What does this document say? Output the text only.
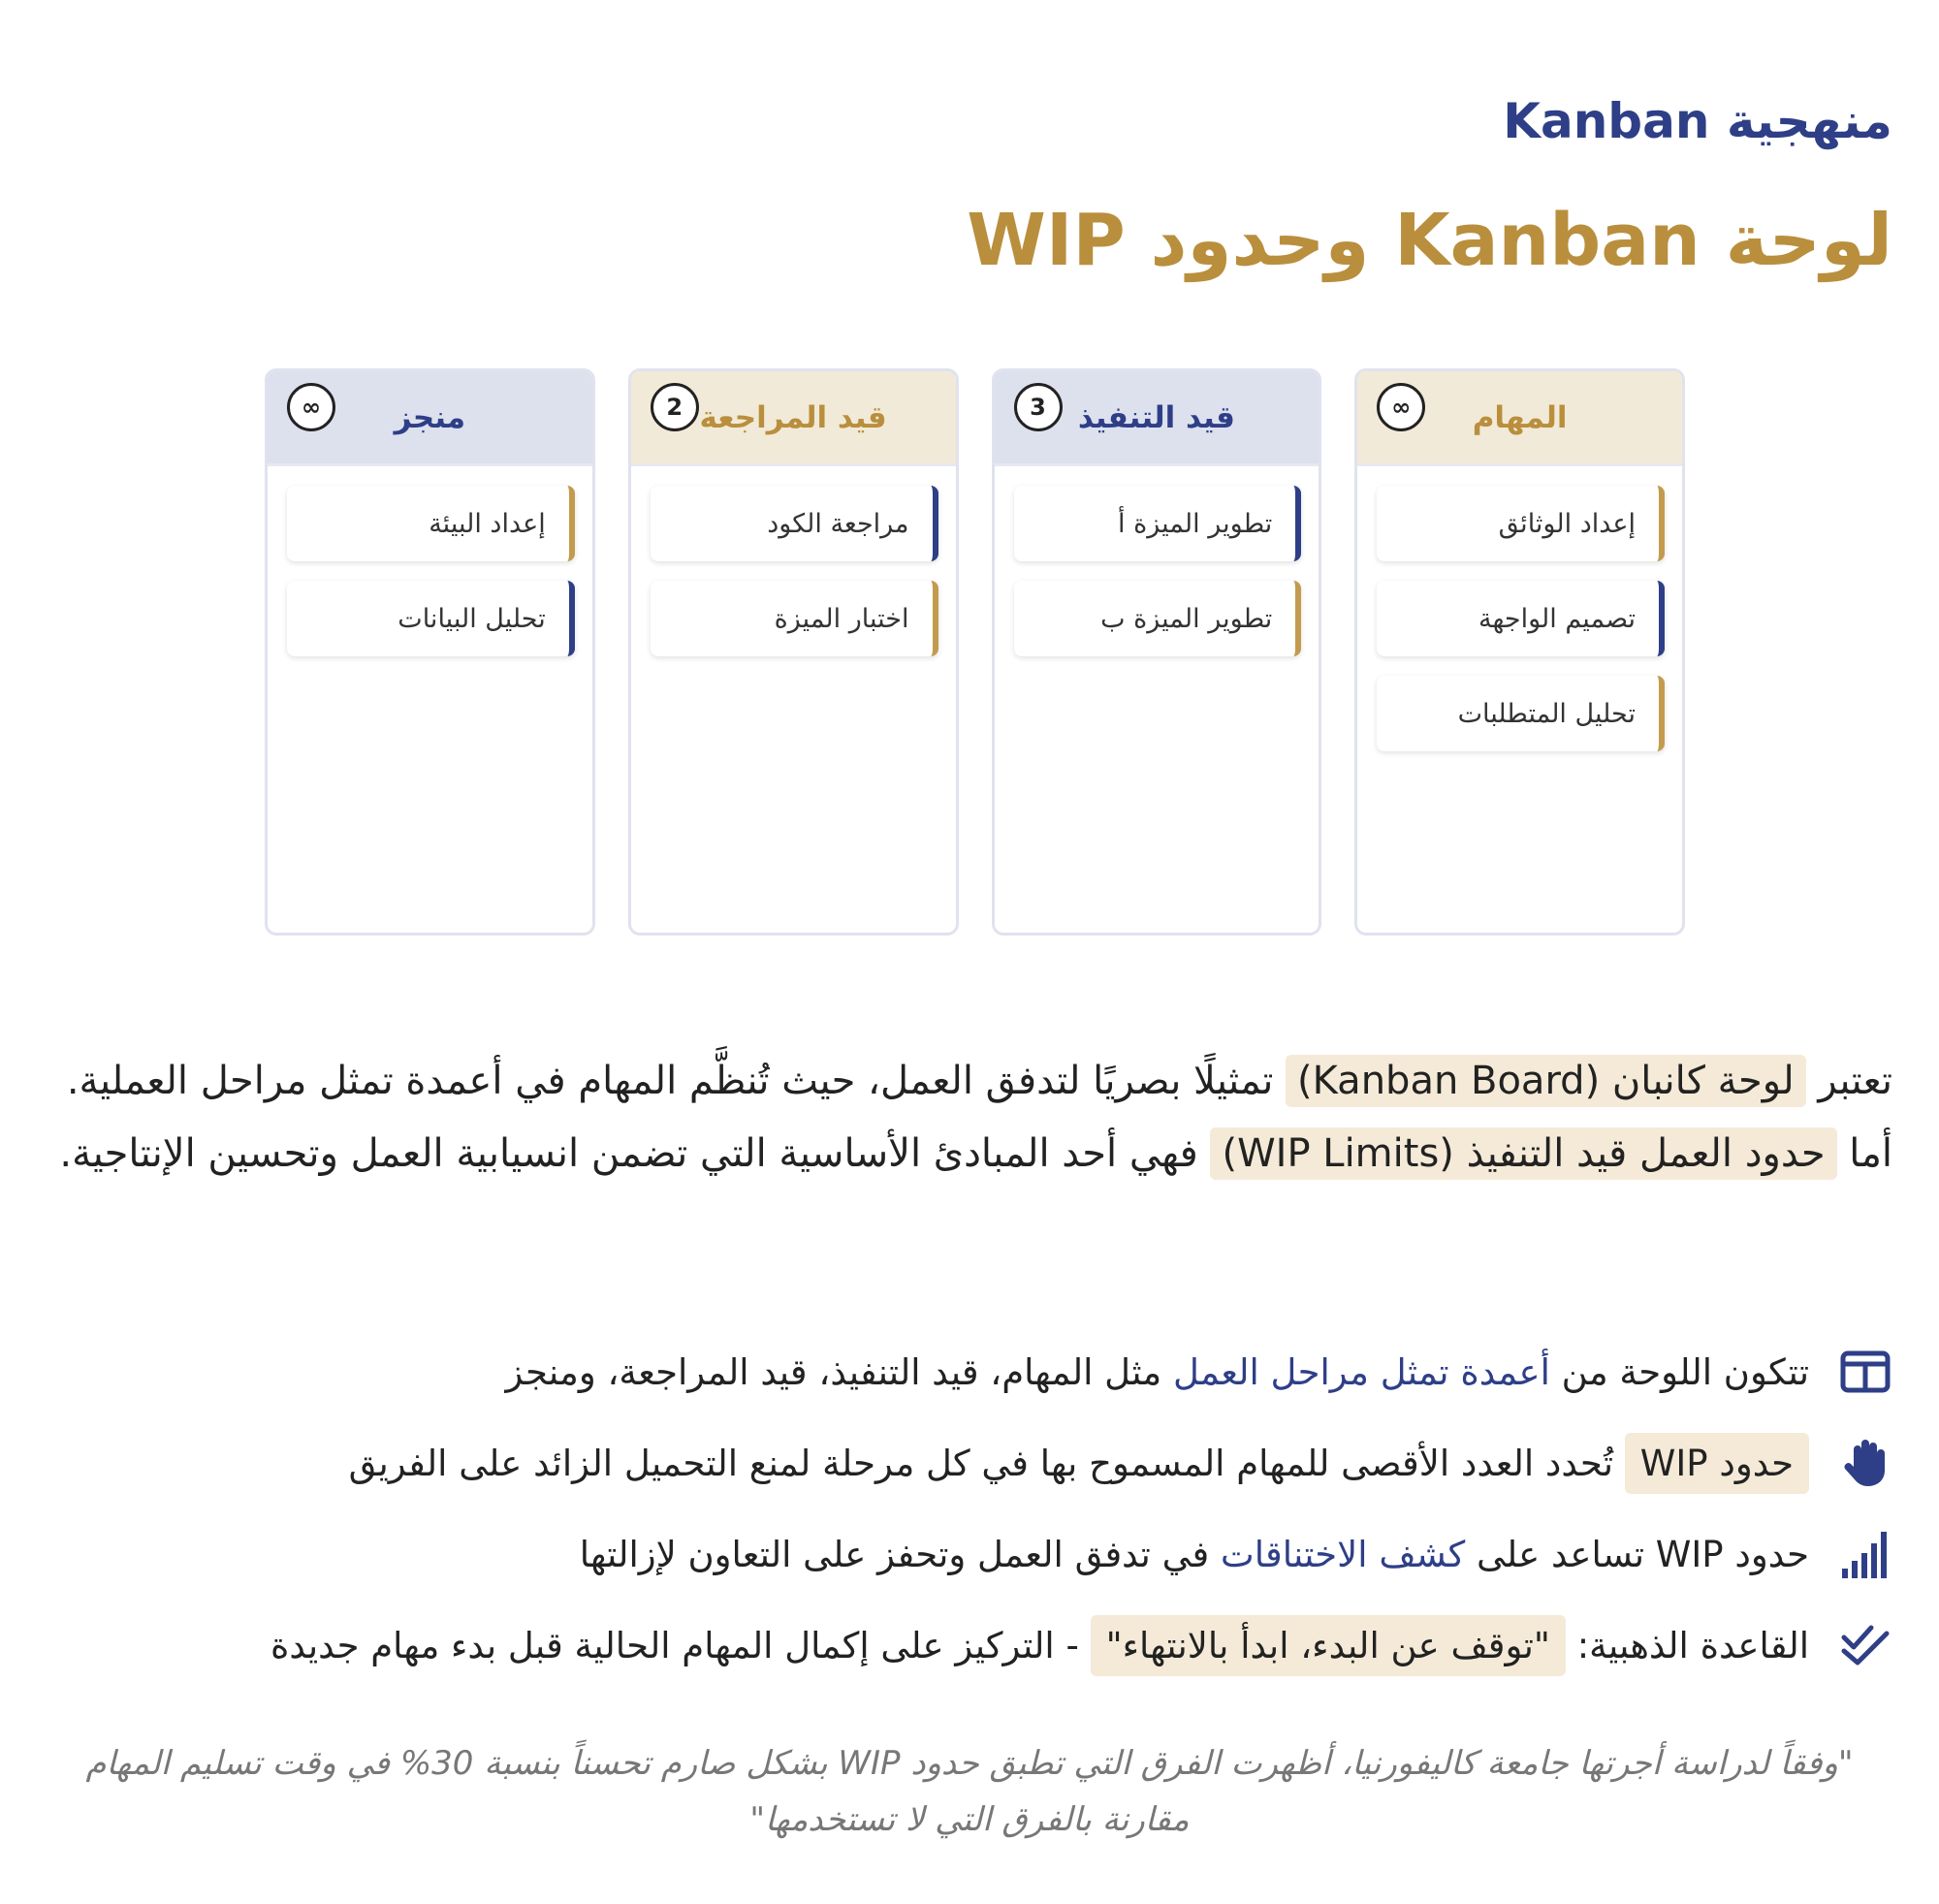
منهجية Kanban
لوحة Kanban وحدود WIP
∞	المهام
إعداد الوثائق
تصميم الواجهة
تحليل المتطلبات
3	قيد التنفيذ
تطوير الميزة أ
تطوير الميزة ب
2 قيد المراجعة
مراجعة الكود
اختبار الميزة
∞	منجز
إعداد البيئة
تحليل البيانات

تعتبر لوحة كانبان (Kanban Board) تمثيلًا بصريًا لتدفق العمل، حيث تُنظَّم المهام في أعمدة تمثل مراحل العملية. أما حدود العمل قيد التنفيذ (WIP Limits) فهي أحد المبادئ الأساسية التي تضمن انسيابية العمل وتحسين الإنتاجية.

تتكون اللوحة من

أعمدة تمثل مراحل العمل

مثل المهام، قيد التنفيذ، قيد المراجعة، ومنجز
حدود WIP

تُحدد العدد الأقصى للمهام المسموح بها في كل مرحلة لمنع التحميل الزائد على الفريق
حدود WIP تساعد على

كشف الاختناقات

في تدفق العمل وتحفز على التعاون لإزالتها
القاعدة الذهبية:

"توقف عن البدء، ابدأ بالانتهاء"

- التركيز على إكمال المهام الحالية قبل بدء مهام جديدة

"وفقاً لدراسة أجرتها جامعة كاليفورنيا، أظهرت الفرق التي تطبق حدود WIP بشكل صارم تحسناً بنسبة 30% في وقت تسليم المهام مقارنة بالفرق التي لا تستخدمها"
